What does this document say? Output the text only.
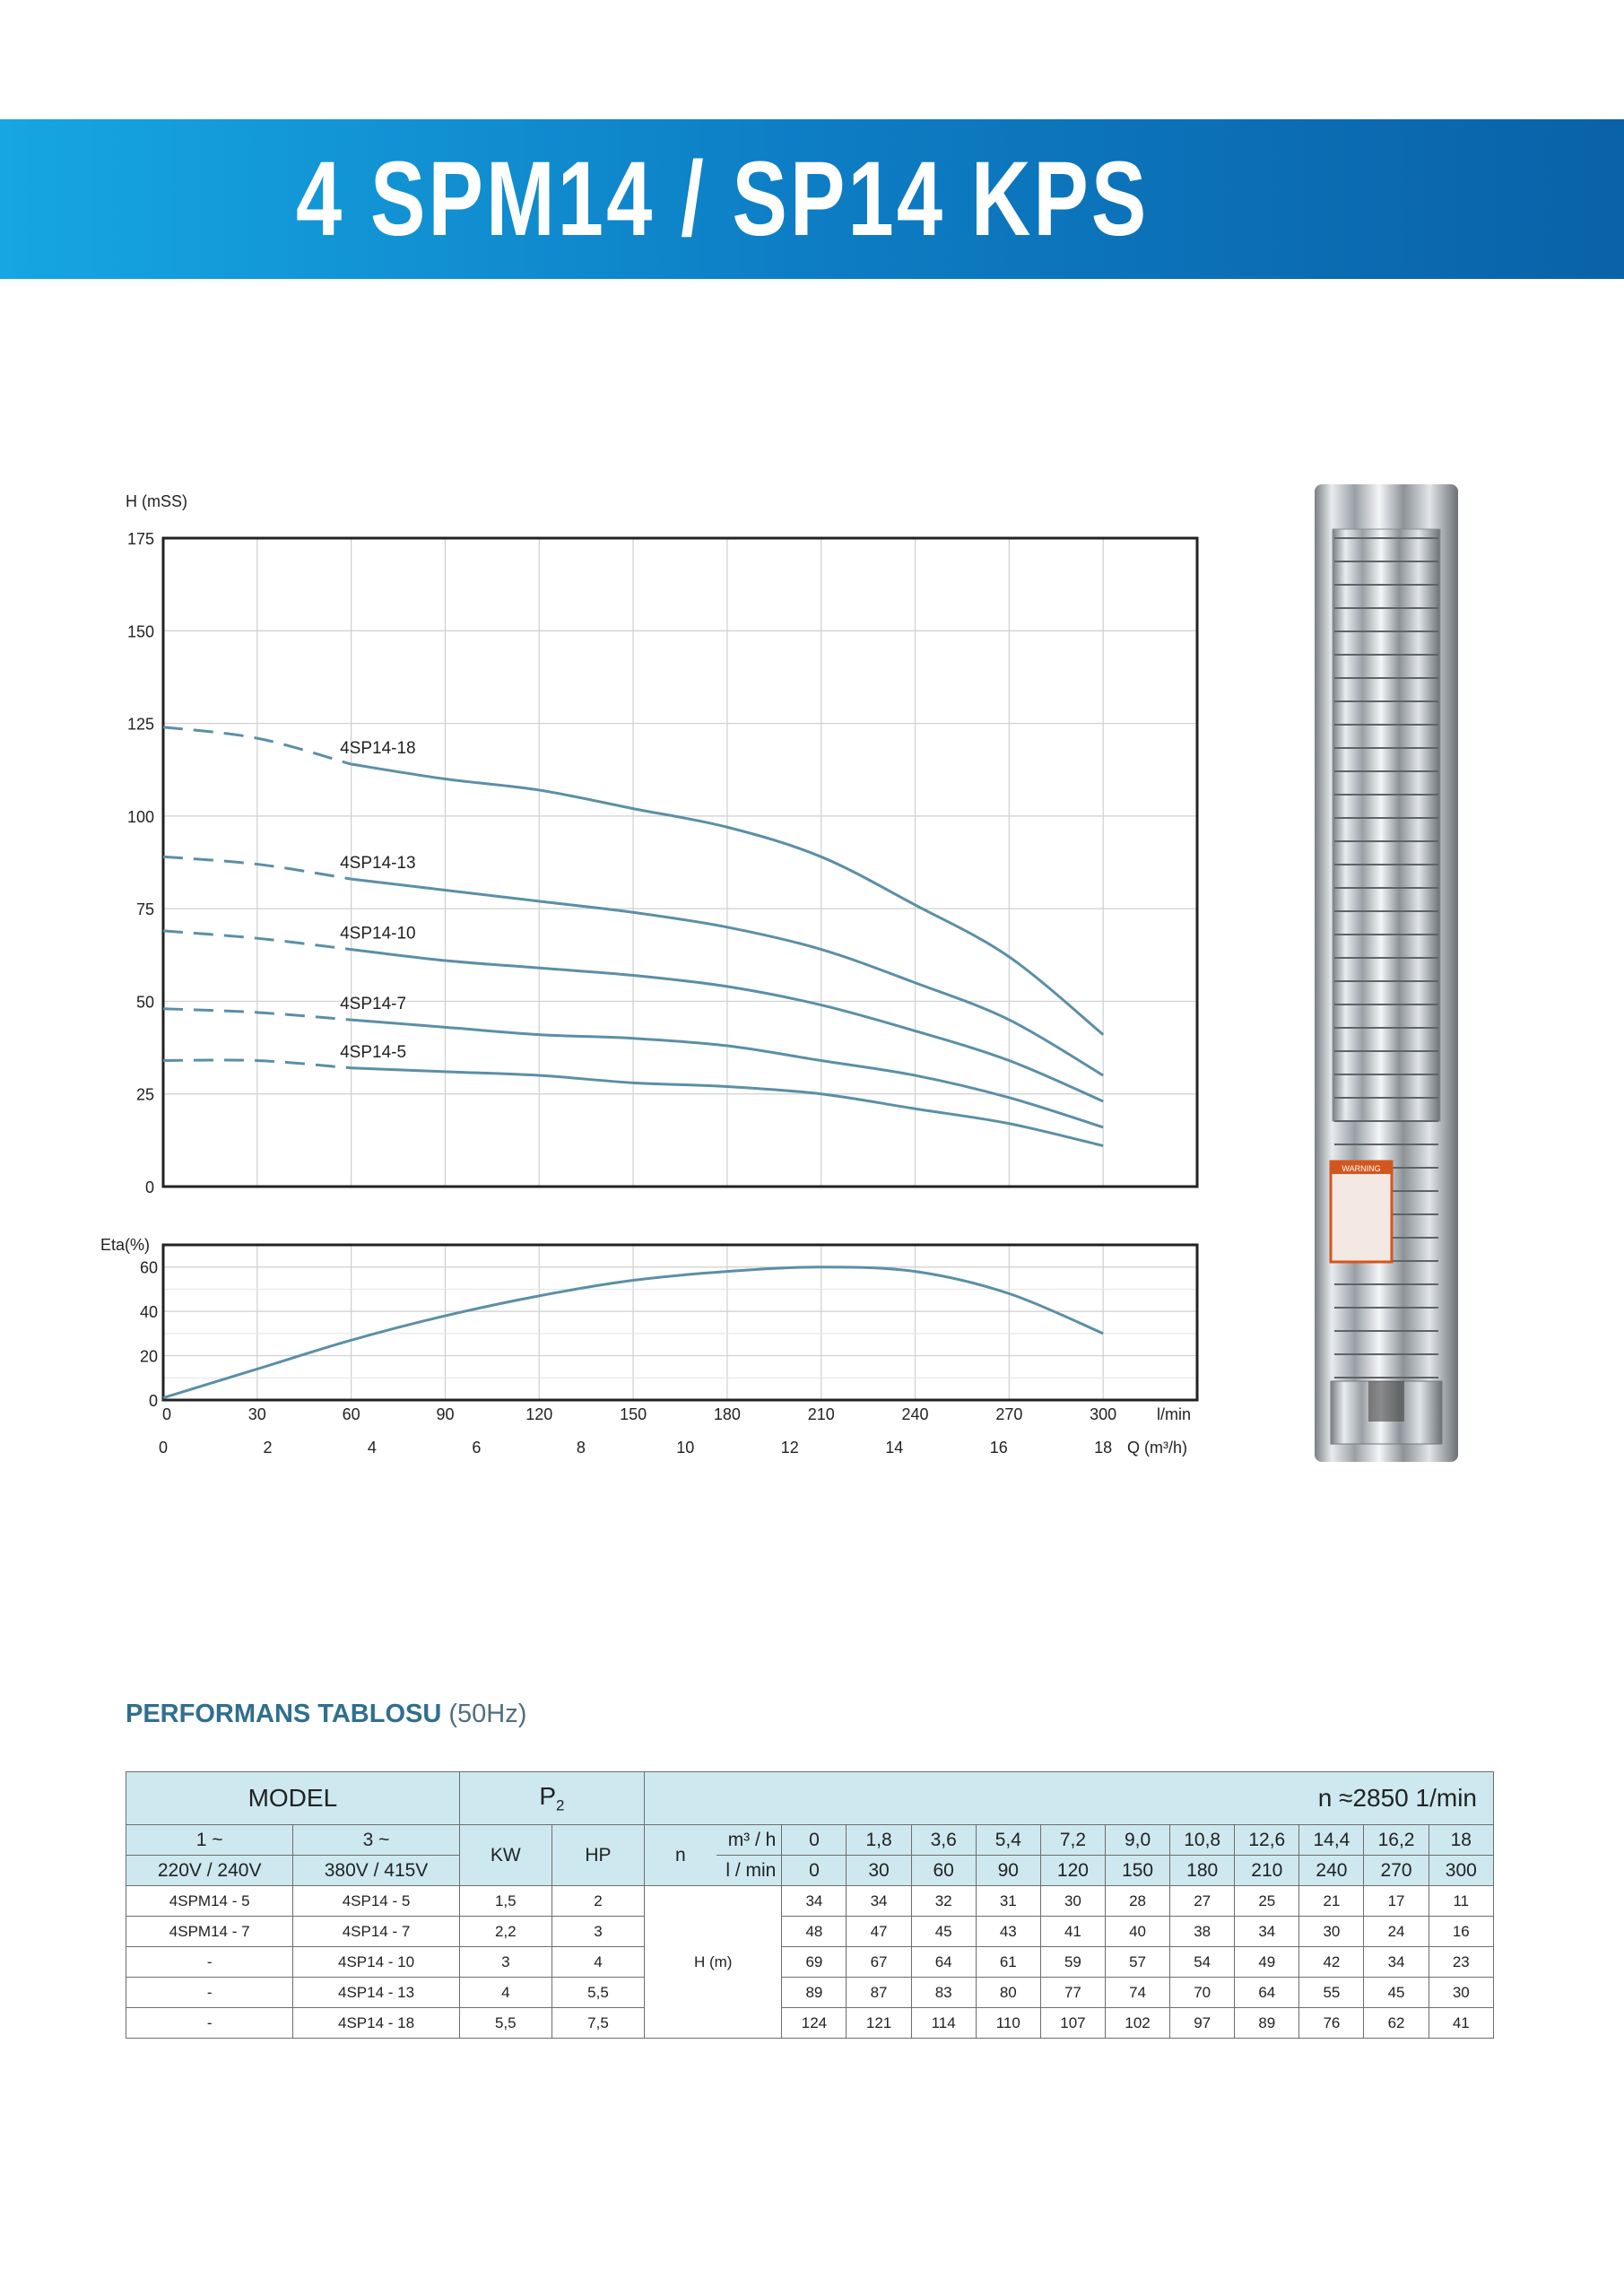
4 SPM14 / SP14 KPS
175
150
125
100
75
50
25
0
H (mSS)
4SP14-18
4SP14-13
4SP14-10
4SP14-7
4SP14-5
60
40
20
0
Eta(%)
0	30	60	90	120	150	180	210	240	270	300 l/min
0	2	4	6	8	10	12	14	16	18 Q (m³/h)
WARNING
PERFORMANS TABLOSU (50Hz)
MODEL		$P_2$		n ≈2850 1/min												
1 ~	3 ~	KW	HP	n	m³ / h	0	1,8	3,6	5,4	7,2	9,0	10,8	12,6	14,4	16,2	18
220V / 240V	380V / 415V				l / min	0	30	60	90	120	150	180	210	240	270	300
4SPM14 - 5	4SP14 - 5	1,5	2	H (m)		34	34	32	31	30	28	27	25	21	17	11
4SPM14 - 7	4SP14 - 7	2,2	3			48	47	45	43	41	40	38	34	30	24	16
-	4SP14 - 10	3	4			69	67	64	61	59	57	54	49	42	34	23
-	4SP14 - 13	4	5,5			89	87	83	80	77	74	70	64	55	45	30
-	4SP14 - 18	5,5	7,5			124	121	114	110	107	102	97	89	76	62	41
